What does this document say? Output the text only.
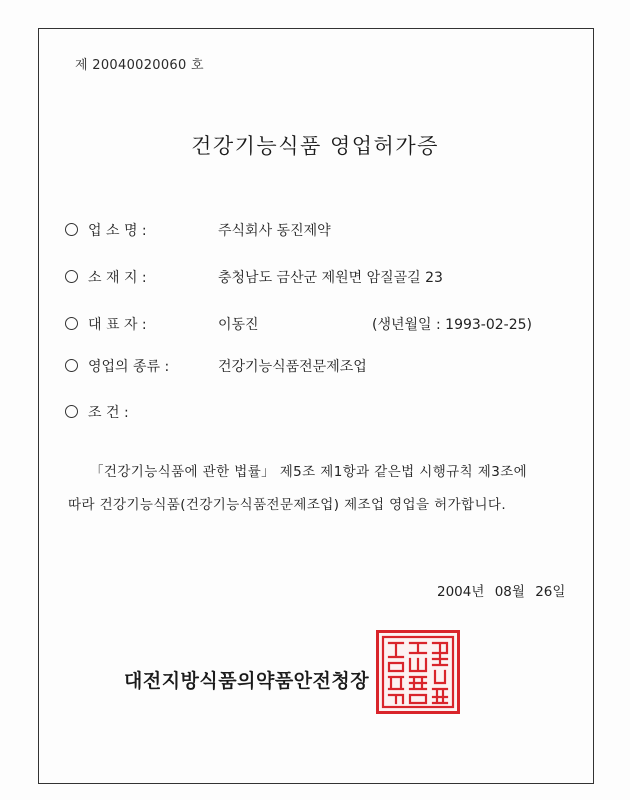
제 20040020060 호
건강기능식품 영업허가증
업 소 명 :	주식회사 동진제약
소 재 지 :	충청남도 금산군 제원면 암질골길 23
대 표 자 :	이동진	(생년월일 : 1993-02-25)
영업의 종류 :	건강기능식품전문제조업
조 건 :
「건강기능식품에 관한 법률」 제5조 제1항과 같은법 시행규칙 제3조에
따라 건강기능식품(건강기능식품전문제조업) 제조업 영업을 허가합니다.
2004년 08월 26일
대전지방식품의약품안전청장
